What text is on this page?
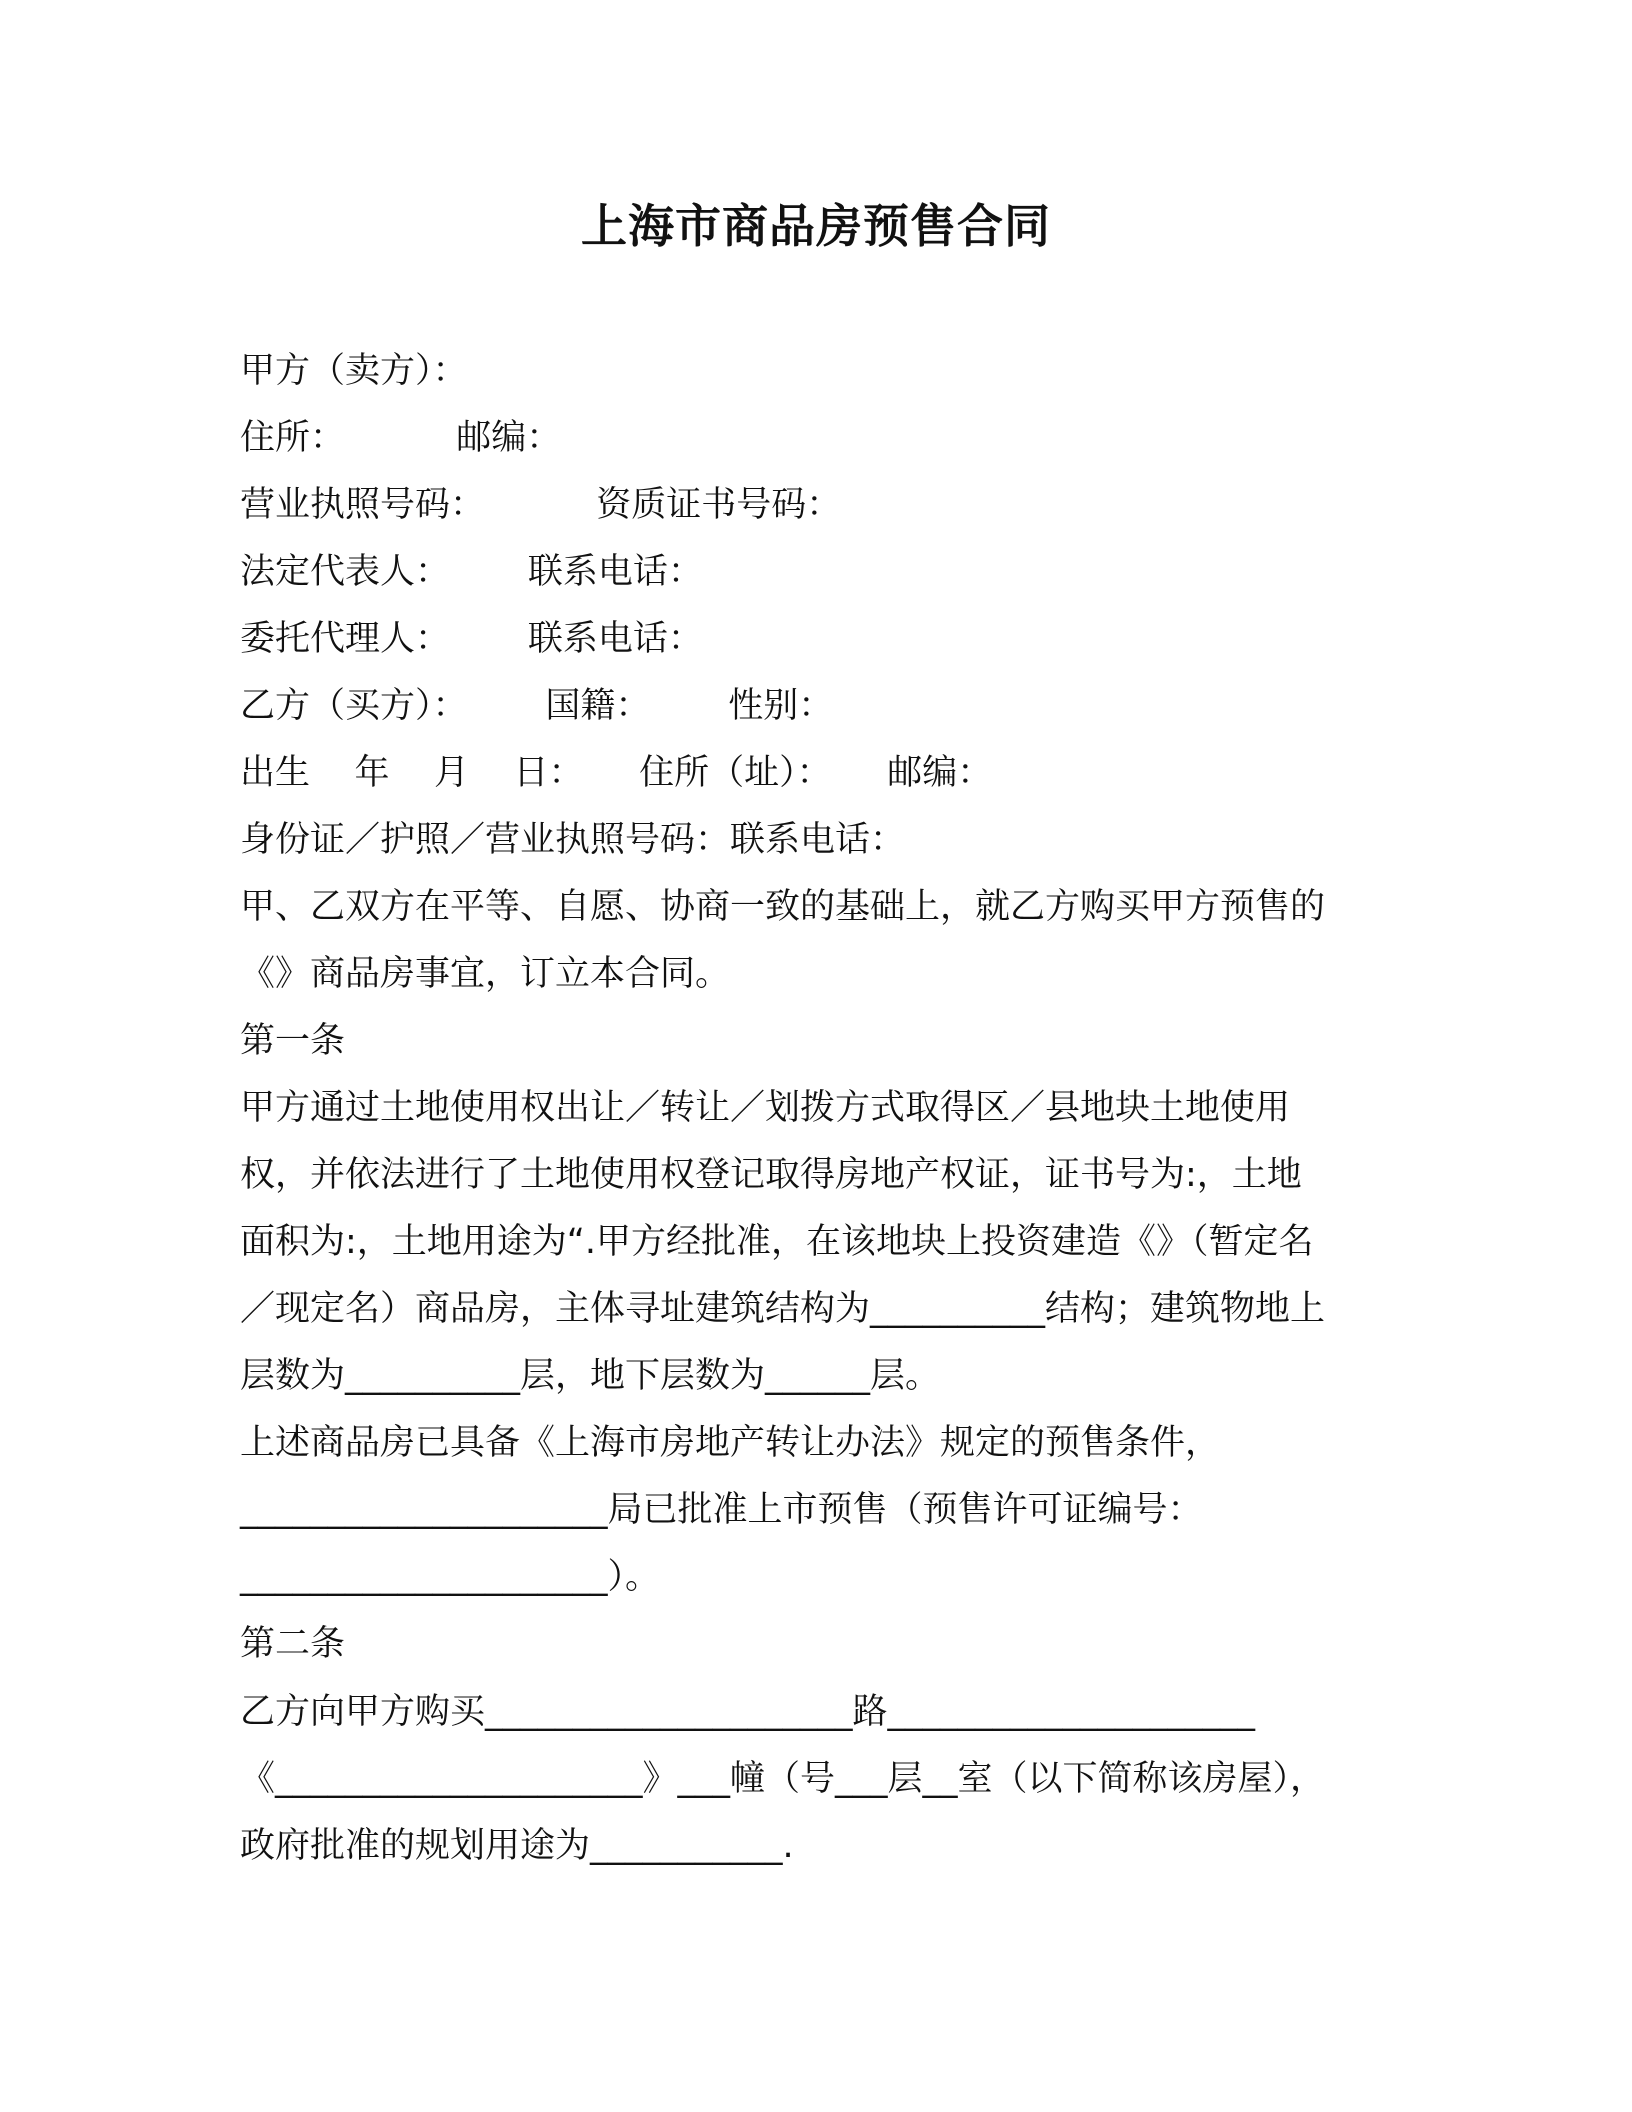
上海市商品房预售合同
甲方（卖方）：
住所：          邮编：
营业执照号码：          资质证书号码：
法定代表人：       联系电话：
委托代理人：       联系电话：
乙方（买方）：       国籍：       性别：
出生    年    月    日：     住所（址）：     邮编：
身份证／护照／营业执照号码：联系电话：
甲、乙双方在平等、自愿、协商一致的基础上，就乙方购买甲方预售的
《》商品房事宜，订立本合同。
第一条
甲方通过土地使用权出让／转让／划拨方式取得区／县地块土地使用
权，并依法进行了土地使用权登记取得房地产权证，证书号为:，土地
面积为:，土地用途为“.甲方经批准，在该地块上投资建造《》（暂定名
／现定名）商品房，主体寻址建筑结构为__________结构；建筑物地上
层数为__________层，地下层数为______层。
上述商品房已具备《上海市房地产转让办法》规定的预售条件，
_____________________局已批准上市预售（预售许可证编号：
_____________________）。
第二条
乙方向甲方购买_____________________路_____________________
《_____________________》___幢（号___层__室（以下简称该房屋），
政府批准的规划用途为___________.
